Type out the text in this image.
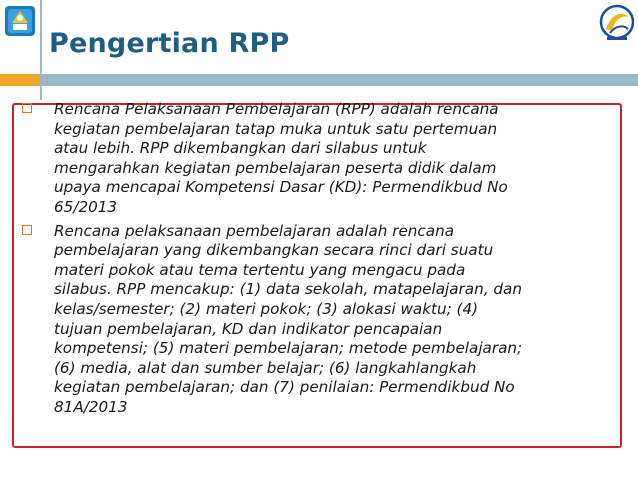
Pengertian RPP
Rencana Pelaksanaan Pembelajaran (RPP) adalah rencana
kegiatan pembelajaran tatap muka untuk satu pertemuan
atau lebih. RPP dikembangkan dari silabus untuk
mengarahkan kegiatan pembelajaran peserta didik dalam
upaya mencapai Kompetensi Dasar (KD): Permendikbud No
65/2013
Rencana pelaksanaan pembelajaran adalah rencana
pembelajaran yang dikembangkan secara rinci dari suatu
materi pokok atau tema tertentu yang mengacu pada
silabus. RPP mencakup: (1) data sekolah, matapelajaran, dan
kelas/semester; (2) materi pokok; (3) alokasi waktu; (4)
tujuan pembelajaran, KD dan indikator pencapaian
kompetensi; (5) materi pembelajaran; metode pembelajaran;
(6) media, alat dan sumber belajar; (6) langkahlangkah
kegiatan pembelajaran; dan (7) penilaian: Permendikbud No
81A/2013
